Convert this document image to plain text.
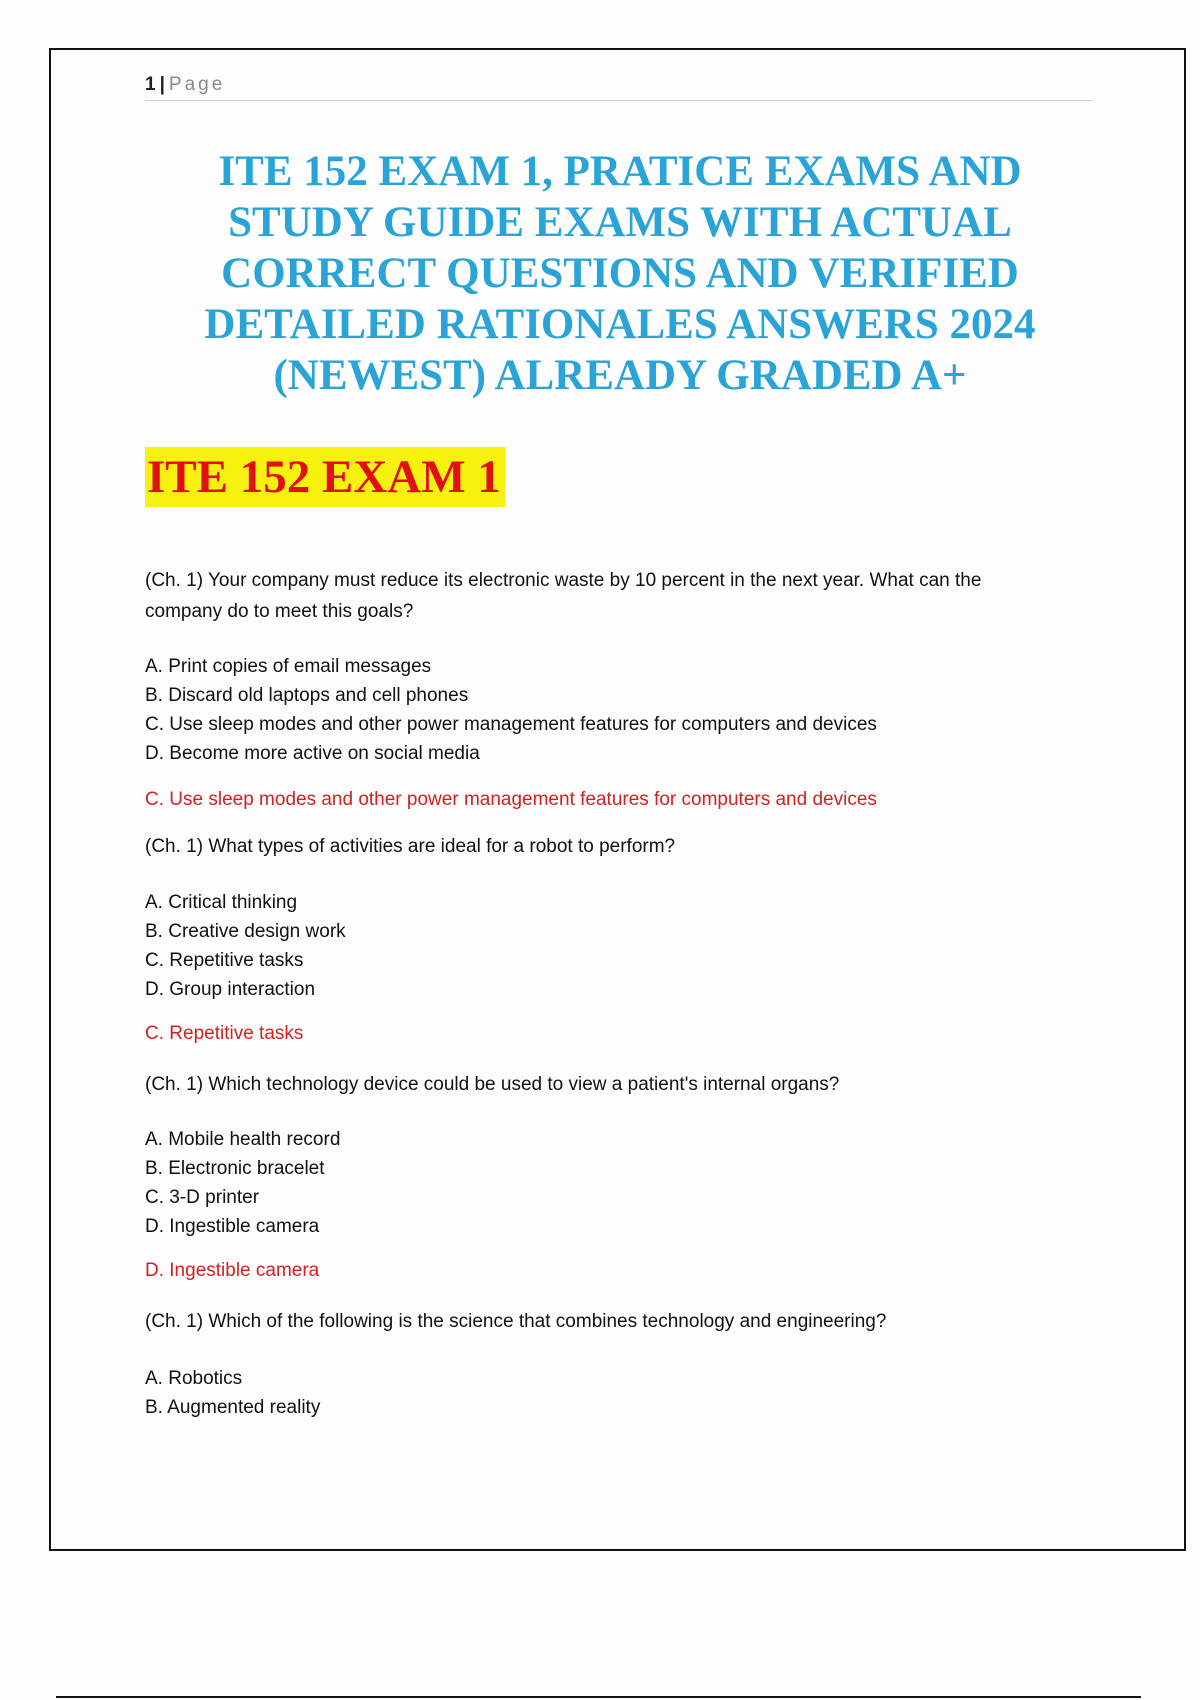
1 | Page
ITE 152 EXAM 1, PRATICE EXAMS AND
STUDY GUIDE EXAMS WITH ACTUAL
CORRECT QUESTIONS AND VERIFIED
DETAILED RATIONALES ANSWERS 2024
(NEWEST) ALREADY GRADED A+
ITE 152 EXAM 1
(Ch. 1) Your company must reduce its electronic waste by 10 percent in the next year. What can the
company do to meet this goals?
A. Print copies of email messages
B. Discard old laptops and cell phones
C. Use sleep modes and other power management features for computers and devices
D. Become more active on social media
C. Use sleep modes and other power management features for computers and devices
(Ch. 1) What types of activities are ideal for a robot to perform?
A. Critical thinking
B. Creative design work
C. Repetitive tasks
D. Group interaction
C. Repetitive tasks
(Ch. 1) Which technology device could be used to view a patient's internal organs?
A. Mobile health record
B. Electronic bracelet
C. 3-D printer
D. Ingestible camera
D. Ingestible camera
(Ch. 1) Which of the following is the science that combines technology and engineering?
A. Robotics
B. Augmented reality
